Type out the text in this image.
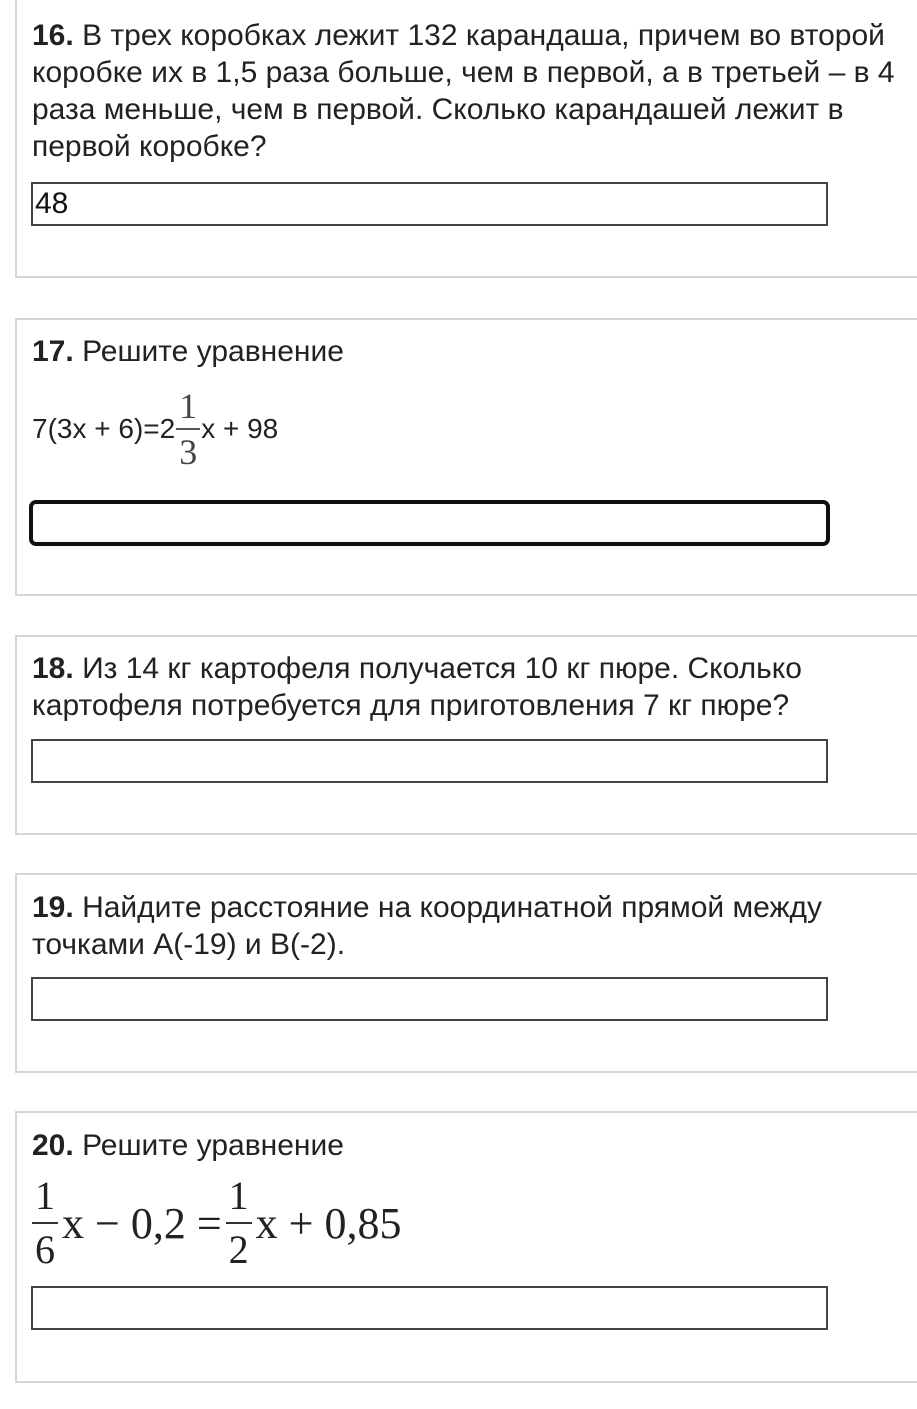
16. В трех коробках лежит 132 карандаша, причем во второй коробке их в 1,5 раза больше, чем в первой, а в третьей – в 4 раза меньше, чем в первой. Сколько карандашей лежит в первой коробке?

48

17. Решите уравнение

$7(3x + 6)=2 \frac{1}{3}$ x + 98

18. Из 14 кг картофеля получается 10 кг пюре. Сколько картофеля потребуется для приготовления 7 кг пюре?

19. Найдите расстояние на координатной прямой между точками A(-19) и B(-2).

20. Решите уравнение

$\frac{1}{6}$ $x - 0,2 = \frac{1}{2}$ x + 0,85
